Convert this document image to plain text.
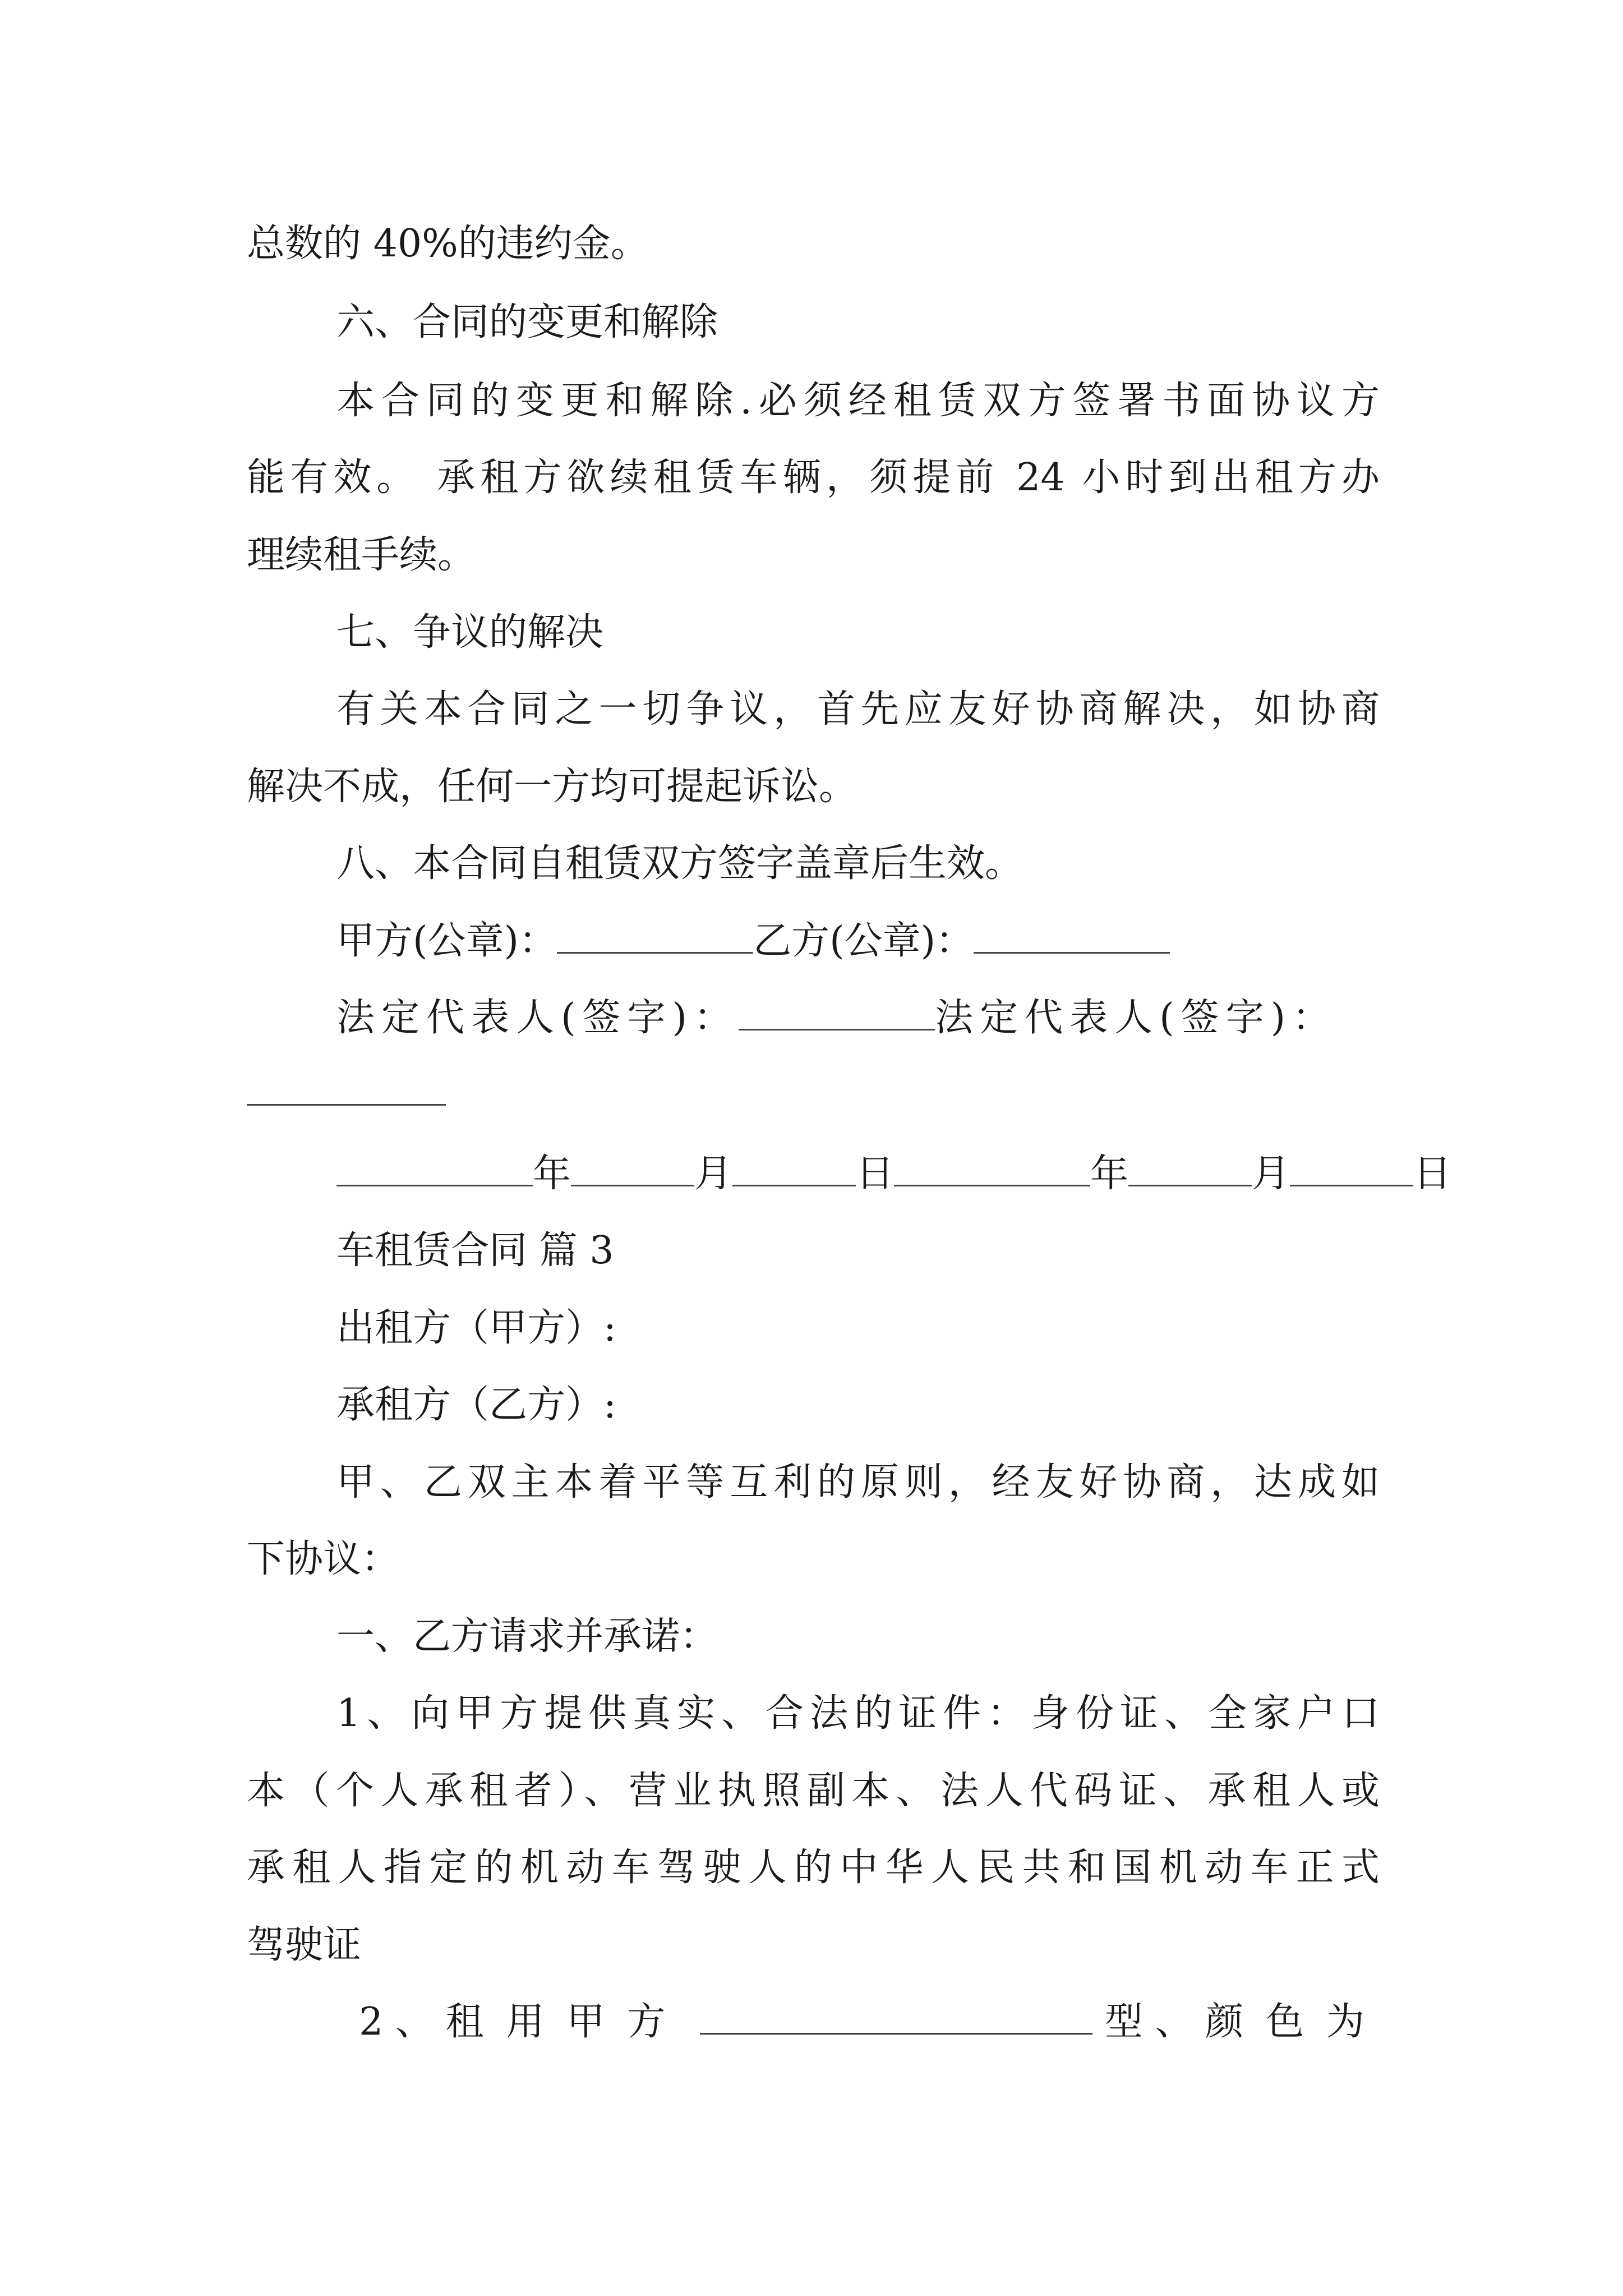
总数的 40%的违约金。
六、合同的变更和解除
本合同的变更和解除.必须经租赁双方签署书面协议方
能有效。 承租方欲续租赁车辆，须提前 24 小时到出租方办
理续租手续。
七、争议的解决
有关本合同之一切争议，首先应友好协商解决，如协商
解决不成，任何一方均可提起诉讼。
八、本合同自租赁双方签字盖章后生效。
甲方(公章)：	乙方(公章)：
法定代表人(签字)：	法定代表人(签字)：
年	月	日	年	月	日
车租赁合同 篇 3
出租方（甲方）:
承租方（乙方）:
甲、乙双主本着平等互利的原则，经友好协商，达成如
下协议：
一、乙方请求并承诺：
1、向甲方提供真实、合法的证件：身份证、全家户口
本（个人承租者）、营业执照副本、法人代码证、承租人或
承租人指定的机动车驾驶人的中华人民共和国机动车正式
驾驶证
2 、 租用甲方	型 、 颜色为
